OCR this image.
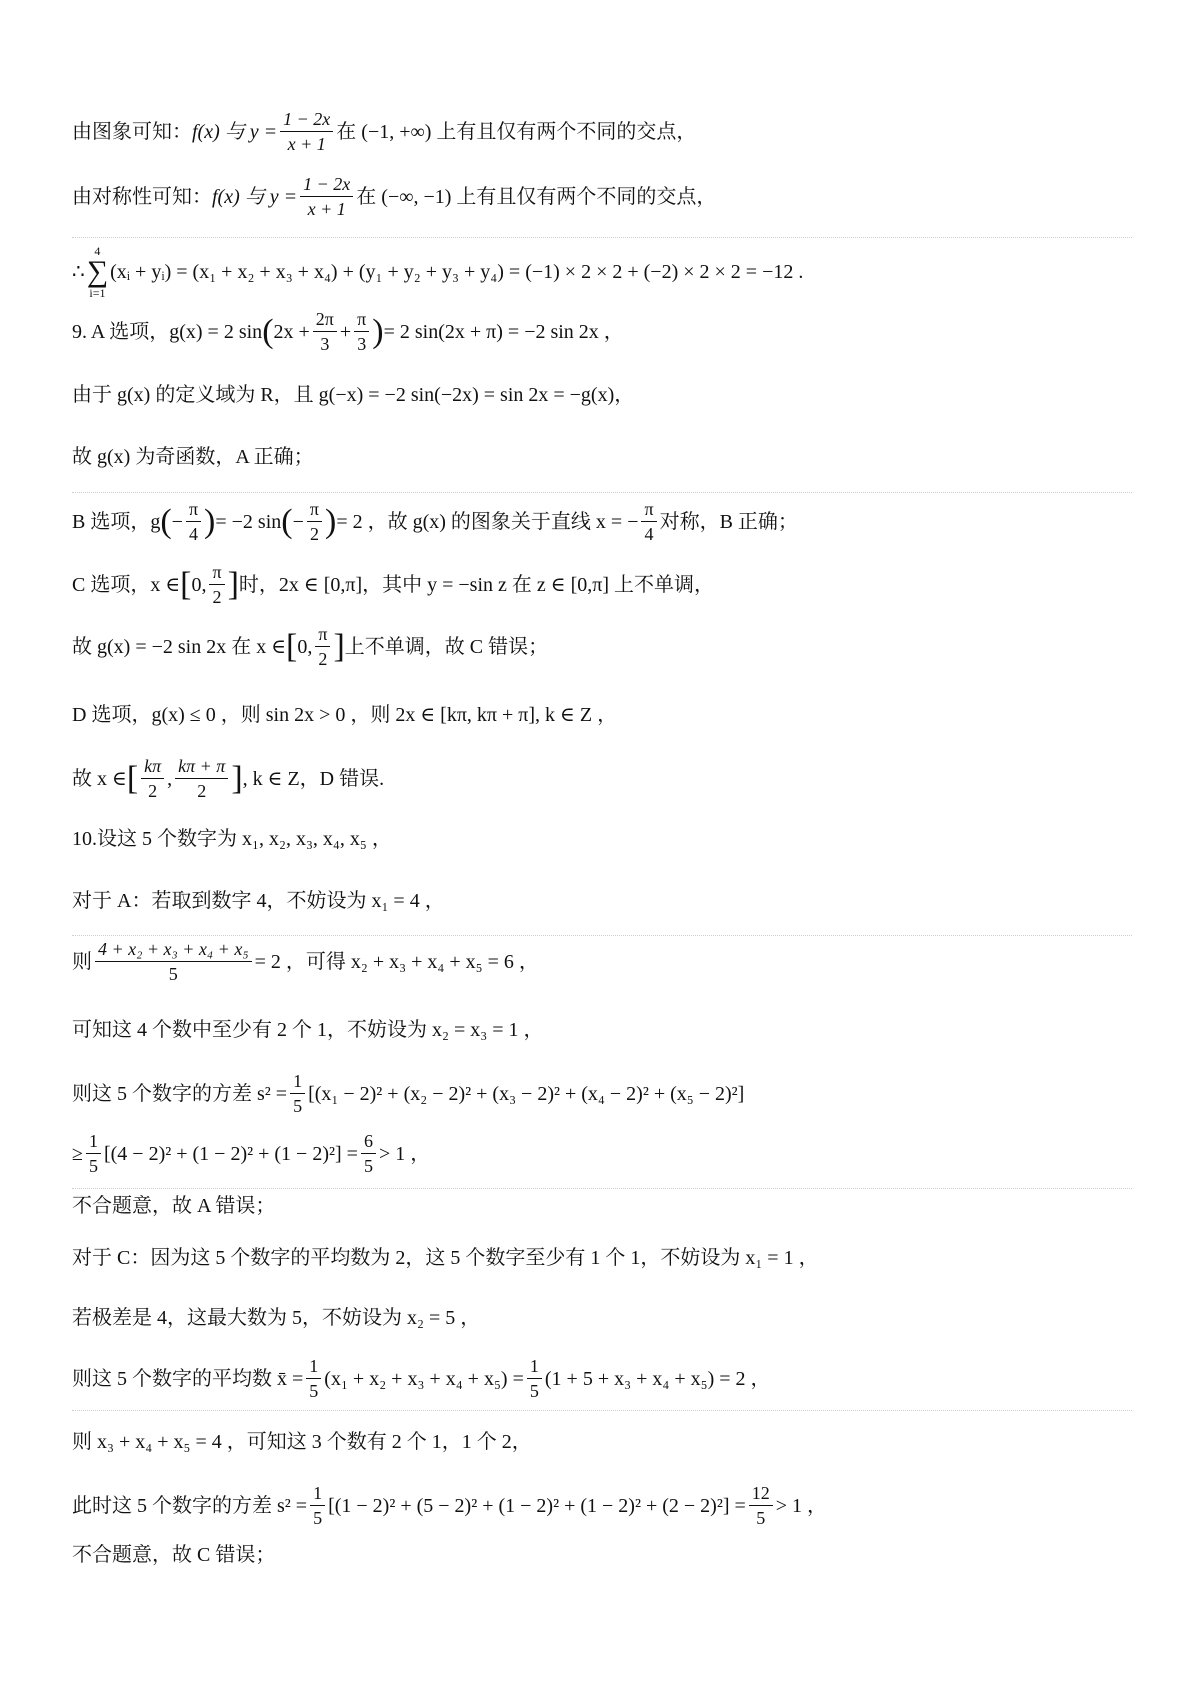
由图象可知： f(x) 与 $y = \frac{1 - 2x}{x + 1}$ 在 (−1, +∞) 上有且仅有两个不同的交点，
由对称性可知： f(x) 与 $y = \frac{1 - 2x}{x + 1}$ 在 (−∞, −1) 上有且仅有两个不同的交点，
∴
4
∑
i=1
(xᵢ + yᵢ) = (x₁ + x₂ + x₃ + x₄) + (y₁ + y₂ + y₃ + y₄) = (−1) × 2 × 2 + (−2) × 2 × 2 = −12 .
9. A 选项，g(x) = 2 sin ( $2x + \frac{2\pi}{3} + \frac{\pi}{3}$ ) = 2 sin(2x + π) = −2 sin 2x ，
由于 g(x) 的定义域为 R，且 g(−x) = −2 sin(−2x) = sin 2x = −g(x)，
故 g(x) 为奇函数，A 正确；
B 选项，g ( − $\frac{\pi}{4}$ ) = −2 sin ( − $\frac{\pi}{2}$ ) = 2 ，故 g(x) 的图象关于直线 x = − $\frac{\pi}{4}$ 对称，B 正确；
C 选项，x ∈ [ 0, $\frac{\pi}{2}$ ] 时，2x ∈ [0,π]，其中 y = −sin z 在 z ∈ [0,π] 上不单调，
故 g(x) = −2 sin 2x 在 x ∈ [ 0, $\frac{\pi}{2}$ ] 上不单调，故 C 错误；
D 选项，g(x) ≤ 0 ，则 sin 2x > 0 ，则 2x ∈ [kπ, kπ + π], k ∈ Z ，
故 x ∈ [ $\frac{k\pi}{2}$ , $\frac{k\pi + \pi}{2}$ ] , k ∈ Z，D 错误.
10.设这 5 个数字为 x₁, x₂, x₃, x₄, x₅ ，
对于 A：若取到数字 4，不妨设为 x₁ = 4 ，
则 $\frac{\text{4 + x₂ + x₃ + x₄ + x₅}}{5} = 2$ ，可得 x₂ + x₃ + x₄ + x₅ = 6 ，
可知这 4 个数中至少有 2 个 1，不妨设为 x₂ = x₃ = 1 ，
则这 5 个数字的方差 $s^2 = \frac{1}{5} [(x_1 - 2)^2 + (x_2 - 2)^2 + (x_3 - 2)^2 + (x_4 - 2)^2 + (x_5 - 2)^2]$
≥ $\frac{1}{5} [(4 - 2)^2 + (1 - 2)^2 + (1 - 2)^2] = \frac{6}{5} > 1$ ，
不合题意，故 A 错误；
对于 C：因为这 5 个数字的平均数为 2，这 5 个数字至少有 1 个 1，不妨设为 x₁ = 1 ，
若极差是 4，这最大数为 5，不妨设为 x₂ = 5 ，
则这 5 个数字的平均数 x̄ = $\frac{1}{5} (x_1 + x_2 + x_3 + x_4 + x_5) = \frac{1}{5} (1 + 5 + x_3 + x_4 + x_5) = 2$ ，
则 x₃ + x₄ + x₅ = 4 ，可知这 3 个数有 2 个 1，1 个 2，
此时这 5 个数字的方差 $s^2 = \frac{1}{5} [(1 - 2)^2 + (5 - 2)^2 + (1 - 2)^2 + (1 - 2)^2 + (2 - 2)^2] = \frac{12}{5} > 1$ ，
不合题意，故 C 错误；
